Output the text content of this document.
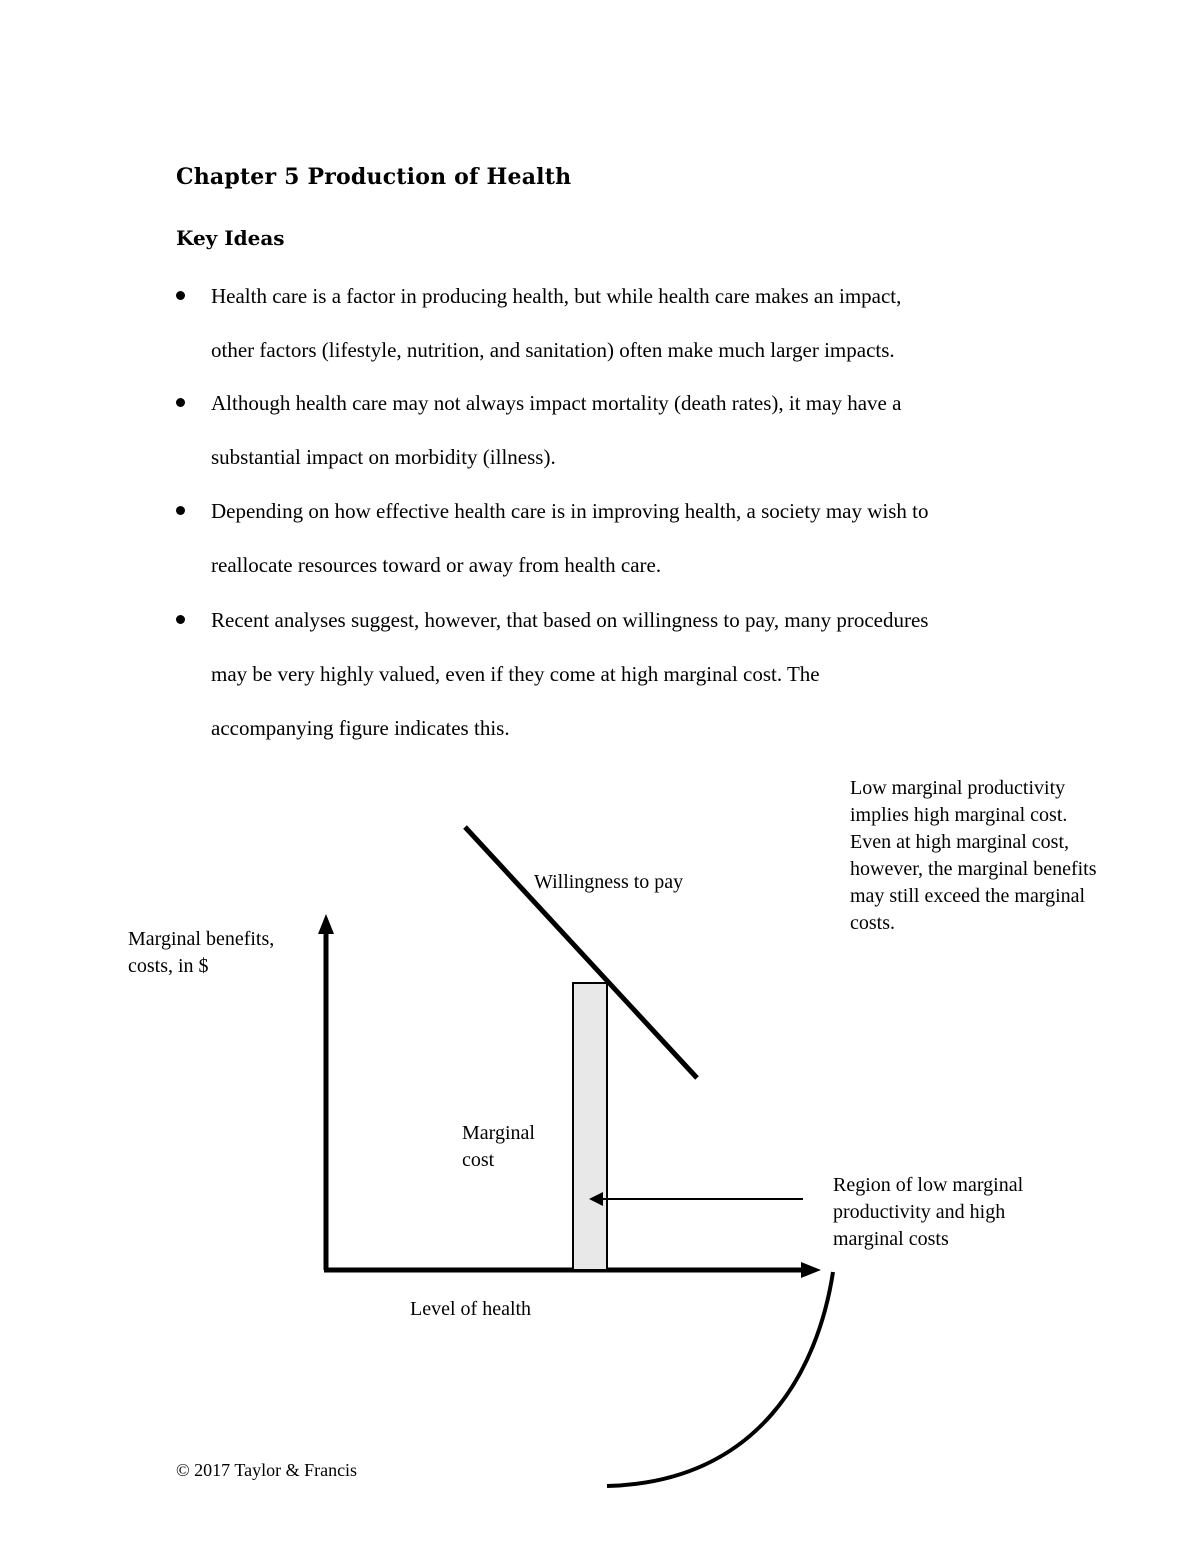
Chapter 5 Production of Health
Key Ideas
Health care is a factor in producing health, but while health care makes an impact,
other factors (lifestyle, nutrition, and sanitation) often make much larger impacts.
Although health care may not always impact mortality (death rates), it may have a
substantial impact on morbidity (illness).
Depending on how effective health care is in improving health, a society may wish to
reallocate resources toward or away from health care.
Recent analyses suggest, however, that based on willingness to pay, many procedures
may be very highly valued, even if they come at high marginal cost. The
accompanying figure indicates this.
Marginal benefits,
costs, in $
Willingness to pay
Marginal
cost
Level of health
Low marginal productivity
implies high marginal cost.
Even at high marginal cost,
however, the marginal benefits
may still exceed the marginal
costs.
Region of low marginal
productivity and high
marginal costs
© 2017 Taylor & Francis
